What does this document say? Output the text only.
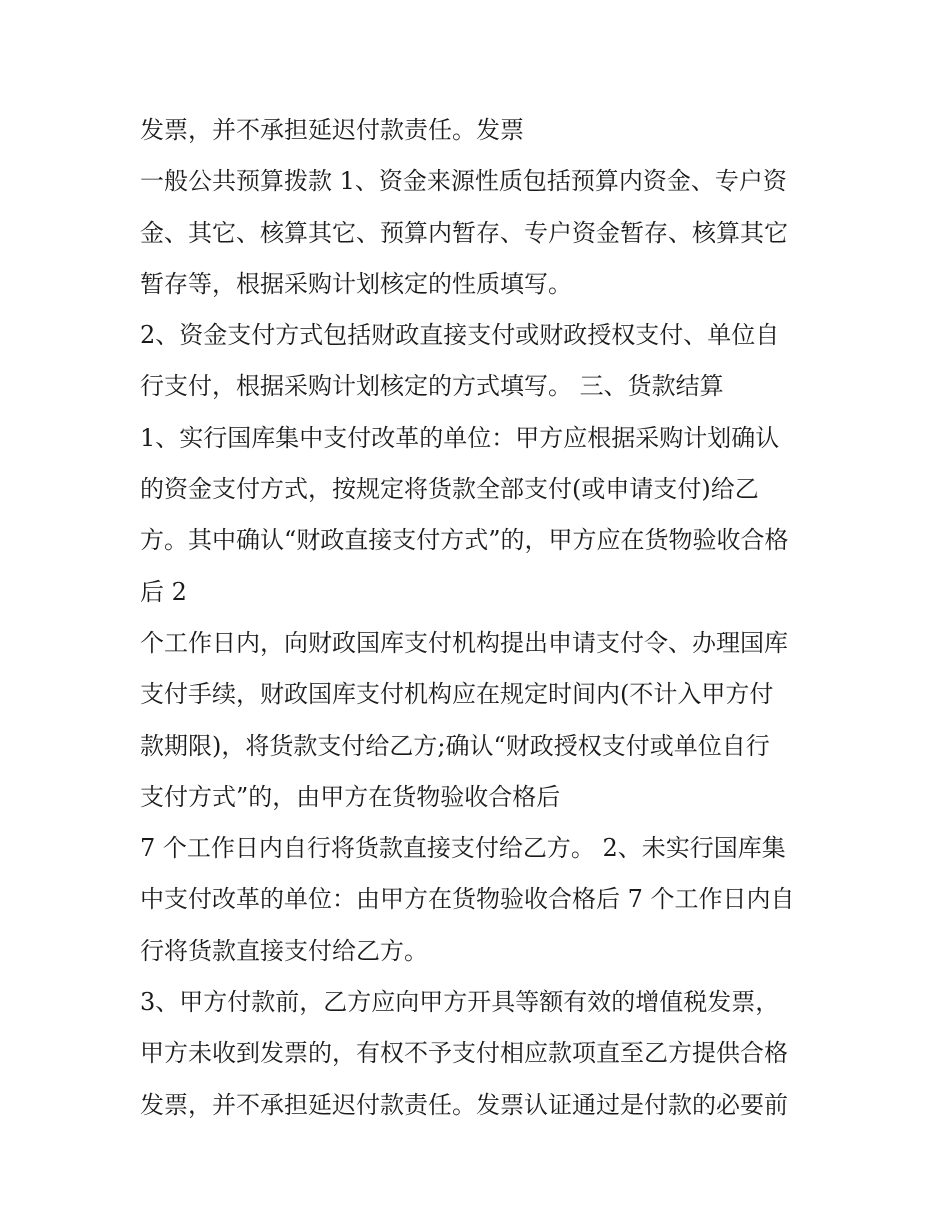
发票，并不承担延迟付款责任。发票
一般公共预算拨款 1、资金来源性质包括预算内资金、专户资
金、其它、核算其它、预算内暂存、专户资金暂存、核算其它
暂存等，根据采购计划核定的性质填写。
2、资金支付方式包括财政直接支付或财政授权支付、单位自
行支付，根据采购计划核定的方式填写。 三、货款结算
1、实行国库集中支付改革的单位：甲方应根据采购计划确认
的资金支付方式，按规定将货款全部支付(或申请支付)给乙
方。其中确认“财政直接支付方式”的，甲方应在货物验收合格
后 2
个工作日内，向财政国库支付机构提出申请支付令、办理国库
支付手续，财政国库支付机构应在规定时间内(不计入甲方付
款期限)，将货款支付给乙方;确认“财政授权支付或单位自行
支付方式”的，由甲方在货物验收合格后
7 个工作日内自行将货款直接支付给乙方。 2、未实行国库集
中支付改革的单位：由甲方在货物验收合格后 7 个工作日内自
行将货款直接支付给乙方。
3、甲方付款前，乙方应向甲方开具等额有效的增值税发票，
甲方未收到发票的，有权不予支付相应款项直至乙方提供合格
发票，并不承担延迟付款责任。发票认证通过是付款的必要前
